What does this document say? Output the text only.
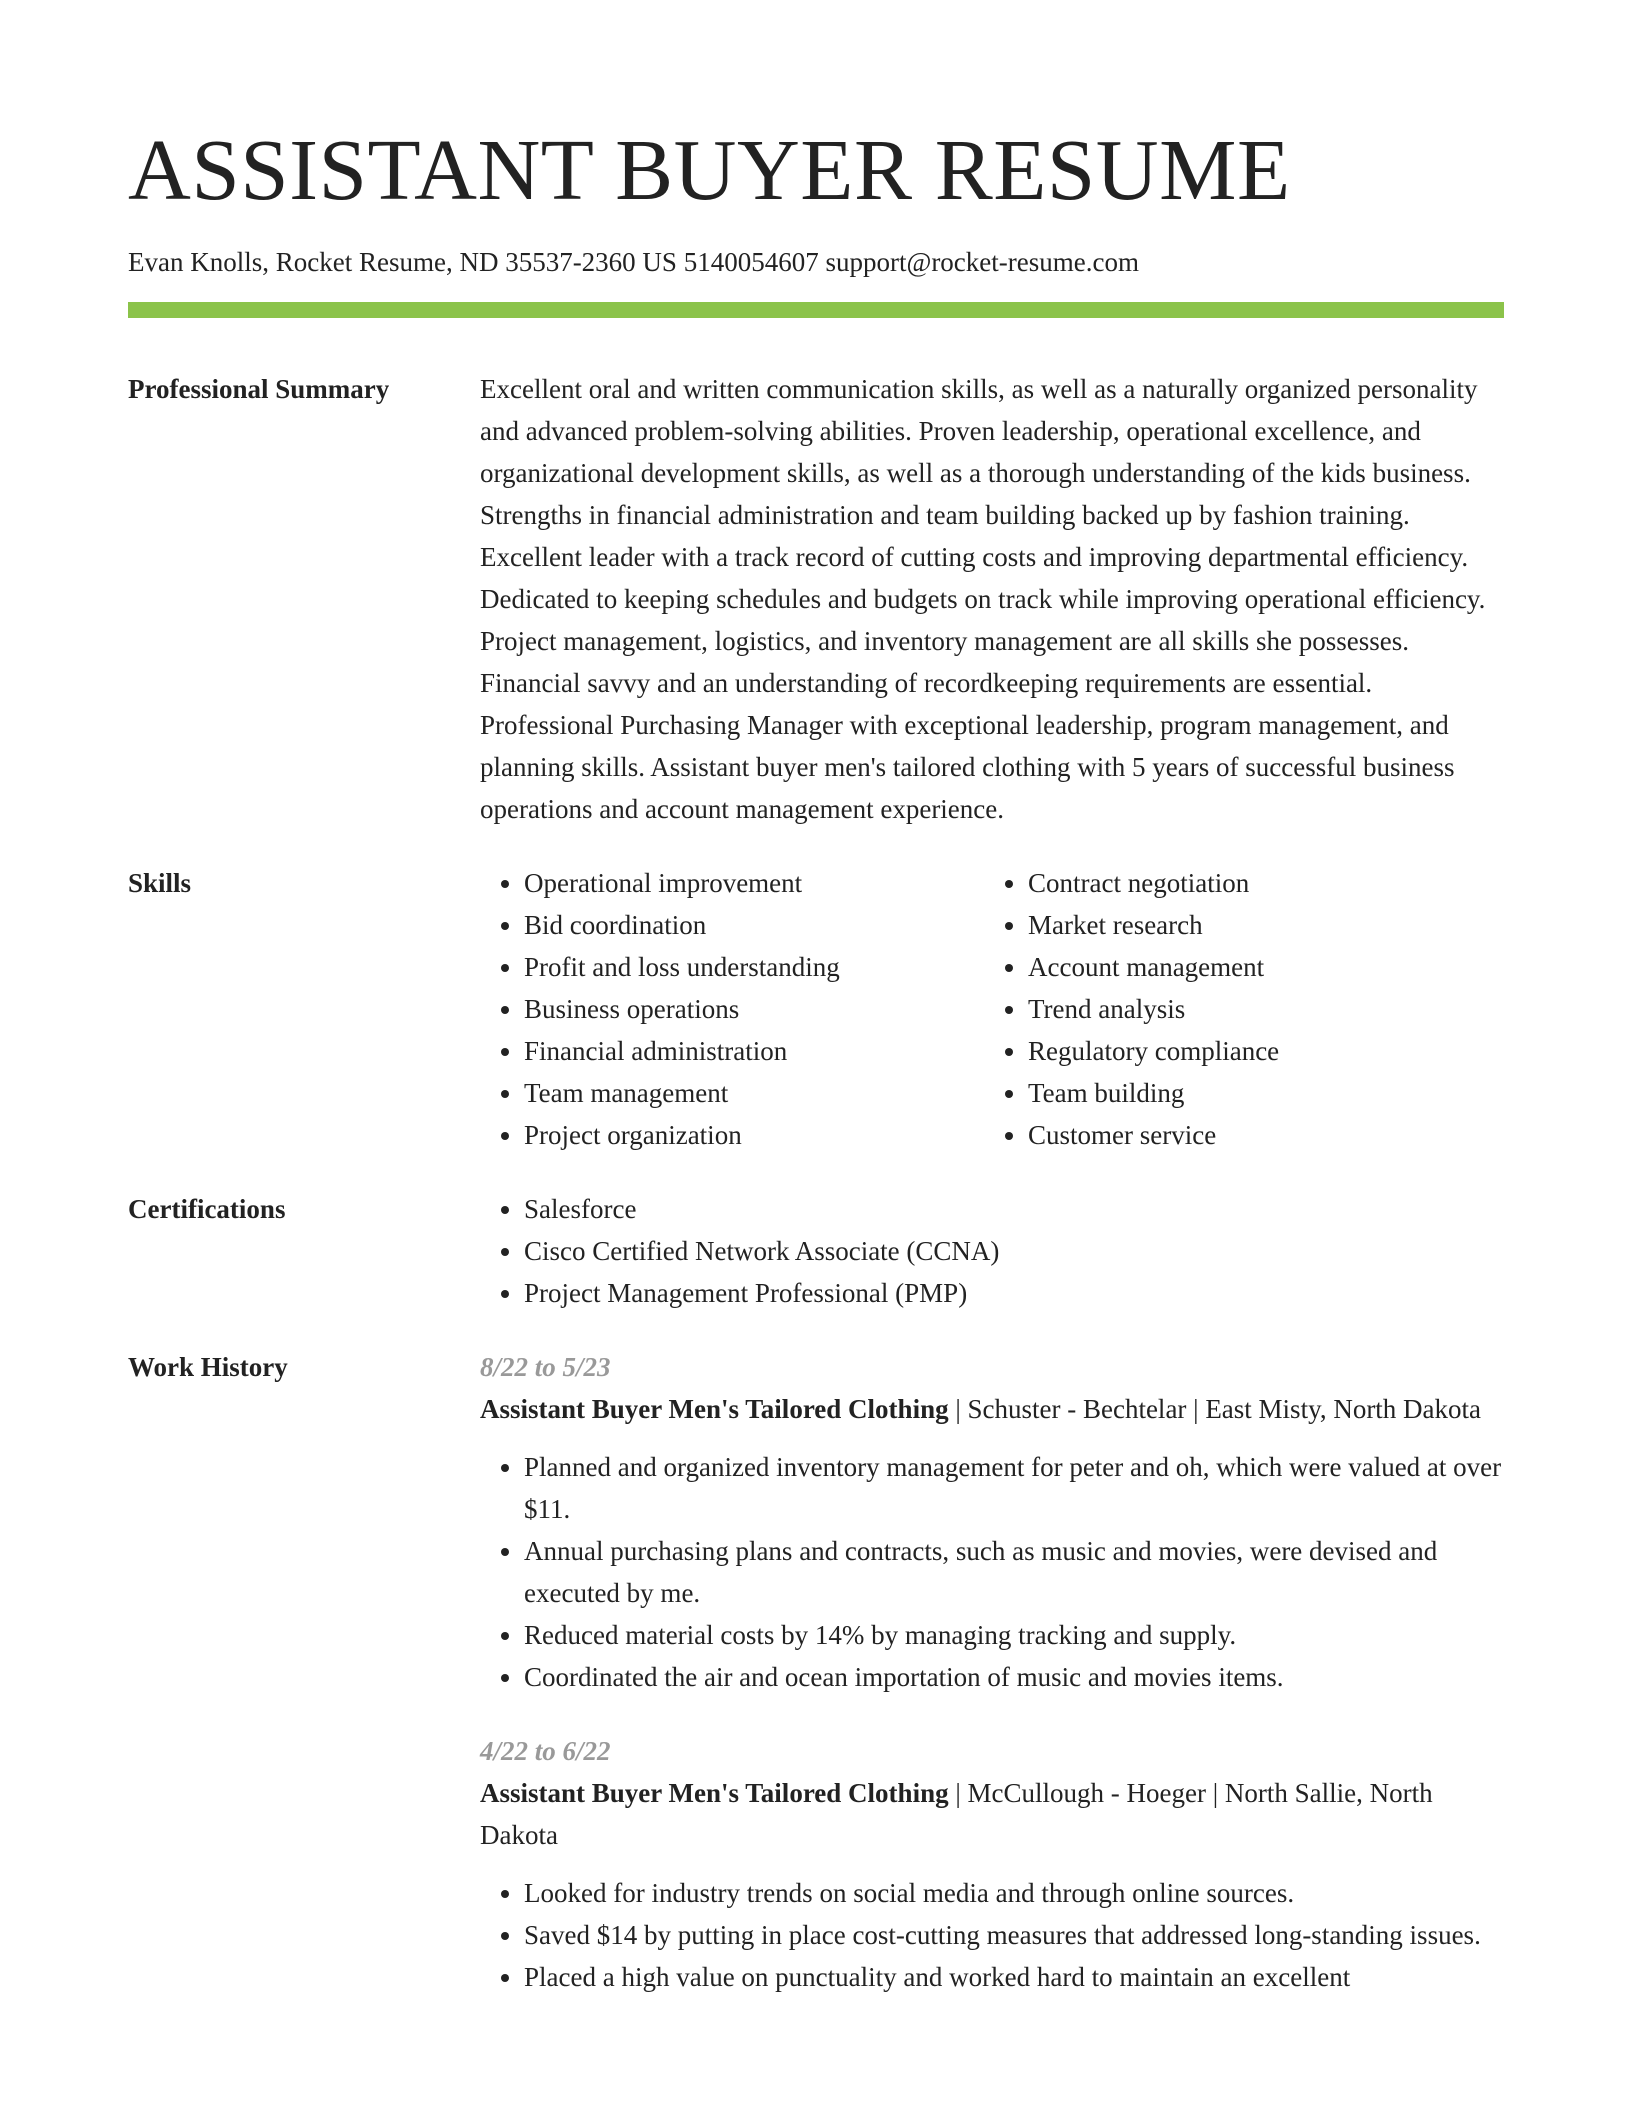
ASSISTANT BUYER RESUME
Evan Knolls, Rocket Resume, ND 35537-2360 US 5140054607 support@rocket-resume.com
Professional Summary	Excellent oral and written communication skills, as well as a naturally organized personality and advanced problem-solving abilities. Proven leadership, operational excellence, and organizational development skills, as well as a thorough understanding of the kids business. Strengths in financial administration and team building backed up by fashion training. Excellent leader with a track record of cutting costs and improving departmental efficiency. Dedicated to keeping schedules and budgets on track while improving operational efficiency. Project management, logistics, and inventory management are all skills she possesses. Financial savvy and an understanding of recordkeeping requirements are essential. Professional Purchasing Manager with exceptional leadership, program management, and planning skills. Assistant buyer men's tailored clothing with 5 years of successful business operations and account management experience.

Skills	• Operational improvement
• Bid coordination
• Profit and loss understanding
• Business operations
• Financial administration
• Team management
• Project organization
• Contract negotiation
• Market research
• Account management
• Trend analysis
• Regulatory compliance
• Team building
• Customer service
Certifications	• Salesforce
• Cisco Certified Network Associate (CCNA)
• Project Management Professional (PMP)
Work History	8/22 to 5/23
Assistant Buyer Men's Tailored Clothing | Schuster - Bechtelar | East Misty, North Dakota
• Planned and organized inventory management for peter and oh, which were valued at over $11.
• Annual purchasing plans and contracts, such as music and movies, were devised and executed by me.
• Reduced material costs by 14% by managing tracking and supply.
• Coordinated the air and ocean importation of music and movies items.
4/22 to 6/22
Assistant Buyer Men's Tailored Clothing | McCullough - Hoeger | North Sallie, North Dakota
• Looked for industry trends on social media and through online sources.
• Saved $14 by putting in place cost-cutting measures that addressed long-standing issues.
• Placed a high value on punctuality and worked hard to maintain an excellent
